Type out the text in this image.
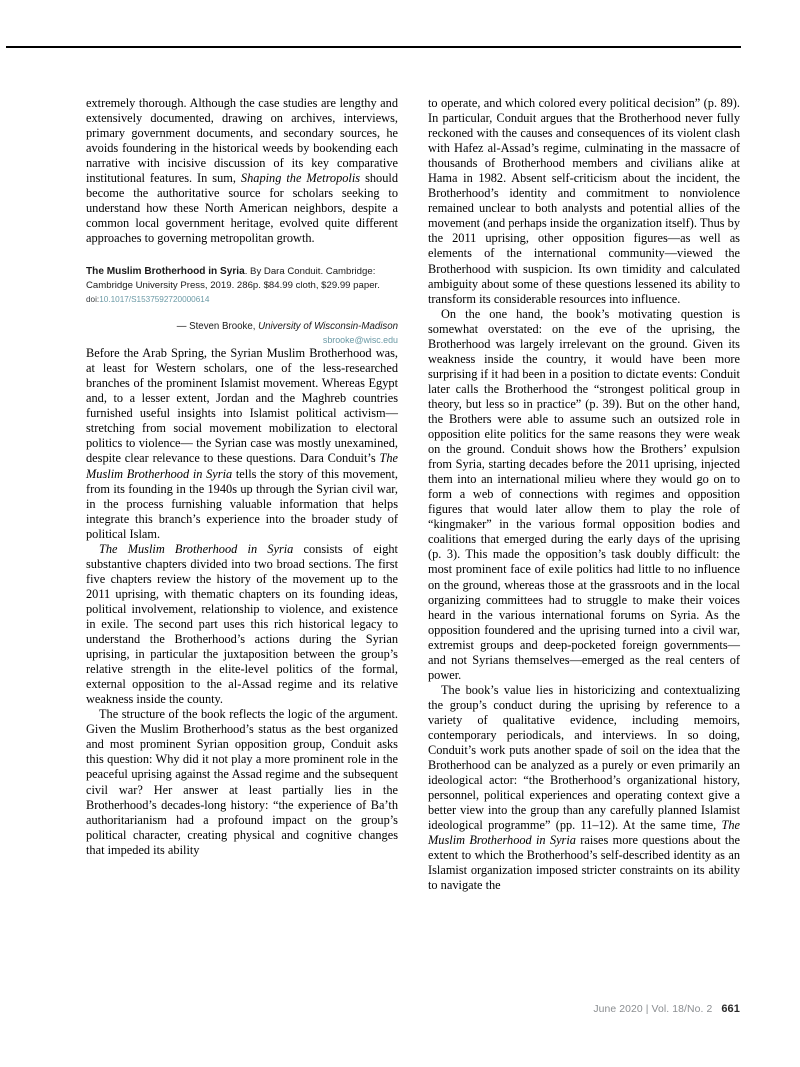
extremely thorough. Although the case studies are lengthy and extensively documented, drawing on archives, interviews, primary government documents, and secondary sources, he avoids foundering in the historical weeds by bookending each narrative with incisive discussion of its key comparative institutional features. In sum, Shaping the Metropolis should become the authoritative source for scholars seeking to understand how these North American neighbors, despite a common local government heritage, evolved quite different approaches to governing metropolitan growth.

The Muslim Brotherhood in Syria. By Dara Conduit. Cambridge: Cambridge University Press, 2019. 286p. $84.99 cloth, $29.99 paper.

doi:10.1017/S1537592720000614

— Steven Brooke, University of Wisconsin-Madison

sbrooke@wisc.edu

Before the Arab Spring, the Syrian Muslim Brotherhood was, at least for Western scholars, one of the less-researched branches of the prominent Islamist movement. Whereas Egypt and, to a lesser extent, Jordan and the Maghreb countries furnished useful insights into Islamist political activism—stretching from social movement mobilization to electoral politics to violence— the Syrian case was mostly unexamined, despite clear relevance to these questions. Dara Conduit’s The Muslim Brotherhood in Syria tells the story of this movement, from its founding in the 1940s up through the Syrian civil war, in the process furnishing valuable information that helps integrate this branch’s experience into the broader study of political Islam.

The Muslim Brotherhood in Syria consists of eight substantive chapters divided into two broad sections. The first five chapters review the history of the movement up to the 2011 uprising, with thematic chapters on its founding ideas, political involvement, relationship to violence, and existence in exile. The second part uses this rich historical legacy to understand the Brotherhood’s actions during the Syrian uprising, in particular the juxtaposition between the group’s relative strength in the elite-level politics of the formal, external opposition to the al-Assad regime and its relative weakness inside the county.

The structure of the book reflects the logic of the argument. Given the Muslim Brotherhood’s status as the best organized and most prominent Syrian opposition group, Conduit asks this question: Why did it not play a more prominent role in the peaceful uprising against the Assad regime and the subsequent civil war? Her answer at least partially lies in the Brotherhood’s decades-long history: “the experience of Ba’th authoritarianism had a profound impact on the group’s political character, creating physical and cognitive changes that impeded its ability

to operate, and which colored every political decision” (p. 89). In particular, Conduit argues that the Brotherhood never fully reckoned with the causes and consequences of its violent clash with Hafez al-Assad’s regime, culminating in the massacre of thousands of Brotherhood members and civilians alike at Hama in 1982. Absent self-criticism about the incident, the Brotherhood’s identity and commitment to nonviolence remained unclear to both analysts and potential allies of the movement (and perhaps inside the organization itself). Thus by the 2011 uprising, other opposition figures—as well as elements of the international community—viewed the Brotherhood with suspicion. Its own timidity and calculated ambiguity about some of these questions lessened its ability to transform its considerable resources into influence.

On the one hand, the book’s motivating question is somewhat overstated: on the eve of the uprising, the Brotherhood was largely irrelevant on the ground. Given its weakness inside the country, it would have been more surprising if it had been in a position to dictate events: Conduit later calls the Brotherhood the “strongest political group in theory, but less so in practice” (p. 39). But on the other hand, the Brothers were able to assume such an outsized role in opposition elite politics for the same reasons they were weak on the ground. Conduit shows how the Brothers’ expulsion from Syria, starting decades before the 2011 uprising, injected them into an international milieu where they would go on to form a web of connections with regimes and opposition figures that would later allow them to play the role of “kingmaker” in the various formal opposition bodies and coalitions that emerged during the early days of the uprising (p. 3). This made the opposition’s task doubly difficult: the most prominent face of exile politics had little to no influence on the ground, whereas those at the grassroots and in the local organizing committees had to struggle to make their voices heard in the various international forums on Syria. As the opposition foundered and the uprising turned into a civil war, extremist groups and deep-pocketed foreign governments—and not Syrians themselves—emerged as the real centers of power.

The book’s value lies in historicizing and contextualizing the group’s conduct during the uprising by reference to a variety of qualitative evidence, including memoirs, contemporary periodicals, and interviews. In so doing, Conduit’s work puts another spade of soil on the idea that the Brotherhood can be analyzed as a purely or even primarily an ideological actor: “the Brotherhood’s organizational history, personnel, political experiences and operating context give a better view into the group than any carefully planned Islamist ideological programme” (pp. 11–12). At the same time, The Muslim Brotherhood in Syria raises more questions about the extent to which the Brotherhood’s self-described identity as an Islamist organization imposed stricter constraints on its ability to navigate the

June 2020 | Vol. 18/No. 2 661
